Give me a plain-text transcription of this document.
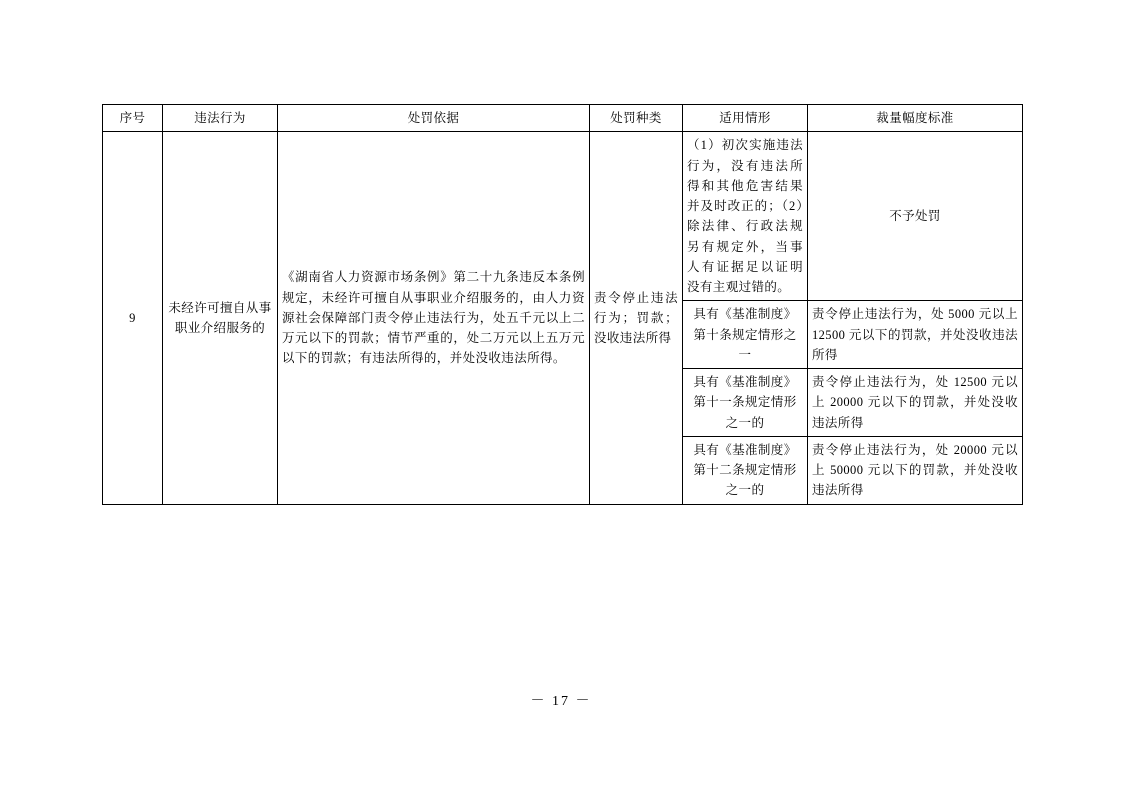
序号	违法行为	处罚依据	处罚种类	适用情形	裁量幅度标准
9	未经许可擅自从事职业介绍服务的	《湖南省人力资源市场条例》第二十九条违反本条例规定，未经许可擅自从事职业介绍服务的，由人力资源社会保障部门责令停止违法行为，处五千元以上二万元以下的罚款；情节严重的，处二万元以上五万元以下的罚款；有违法所得的，并处没收违法所得。	责令停止违法行为；罚款；没收违法所得	（1）初次实施违法行为，没有违法所得和其他危害结果并及时改正的；（2）除法律、行政法规另有规定外，当事人有证据足以证明没有主观过错的。	不予处罚
				具有《基准制度》第十条规定情形之一	责令停止违法行为，处 5000 元以上 12500 元以下的罚款，并处没收违法所得
				具有《基准制度》第十一条规定情形之一的	责令停止违法行为，处 12500 元以上 20000 元以下的罚款，并处没收违法所得
				具有《基准制度》第十二条规定情形之一的	责令停止违法行为，处 20000 元以上 50000 元以下的罚款，并处没收违法所得
－ 17 －
